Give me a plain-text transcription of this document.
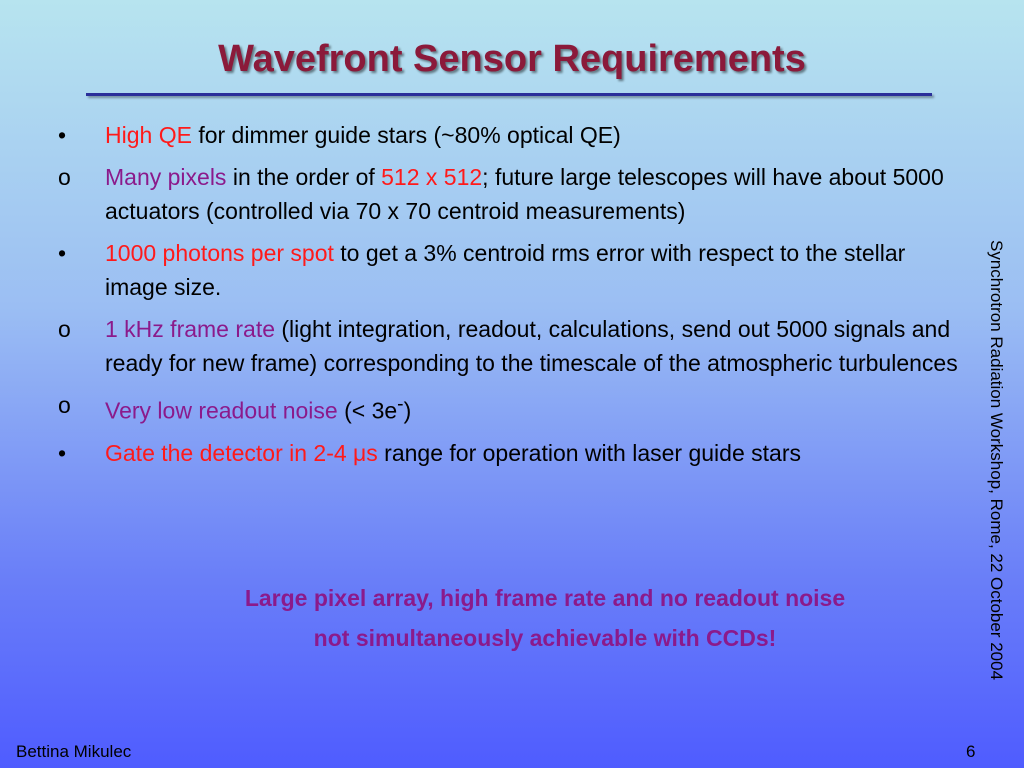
Wavefront Sensor Requirements
•	High QE for dimmer guide stars (~80% optical QE)
o	Many pixels in the order of 512 x 512; future large telescopes will have about 5000 actuators (controlled via 70 x 70 centroid measurements)
•	1000 photons per spot to get a 3% centroid rms error with respect to the stellar image size.
o	1 kHz frame rate (light integration, readout, calculations, send out 5000 signals and ready for new frame) corresponding to the timescale of the atmospheric turbulences
o	Very low readout noise (< 3e-)
•	Gate the detector in 2-4 μs range for operation with laser guide stars
Large pixel array, high frame rate and no readout noise
not simultaneously achievable with CCDs!	Synchrotron Radiation Workshop, Rome, 22 October 2004
Bettina Mikulec	6
